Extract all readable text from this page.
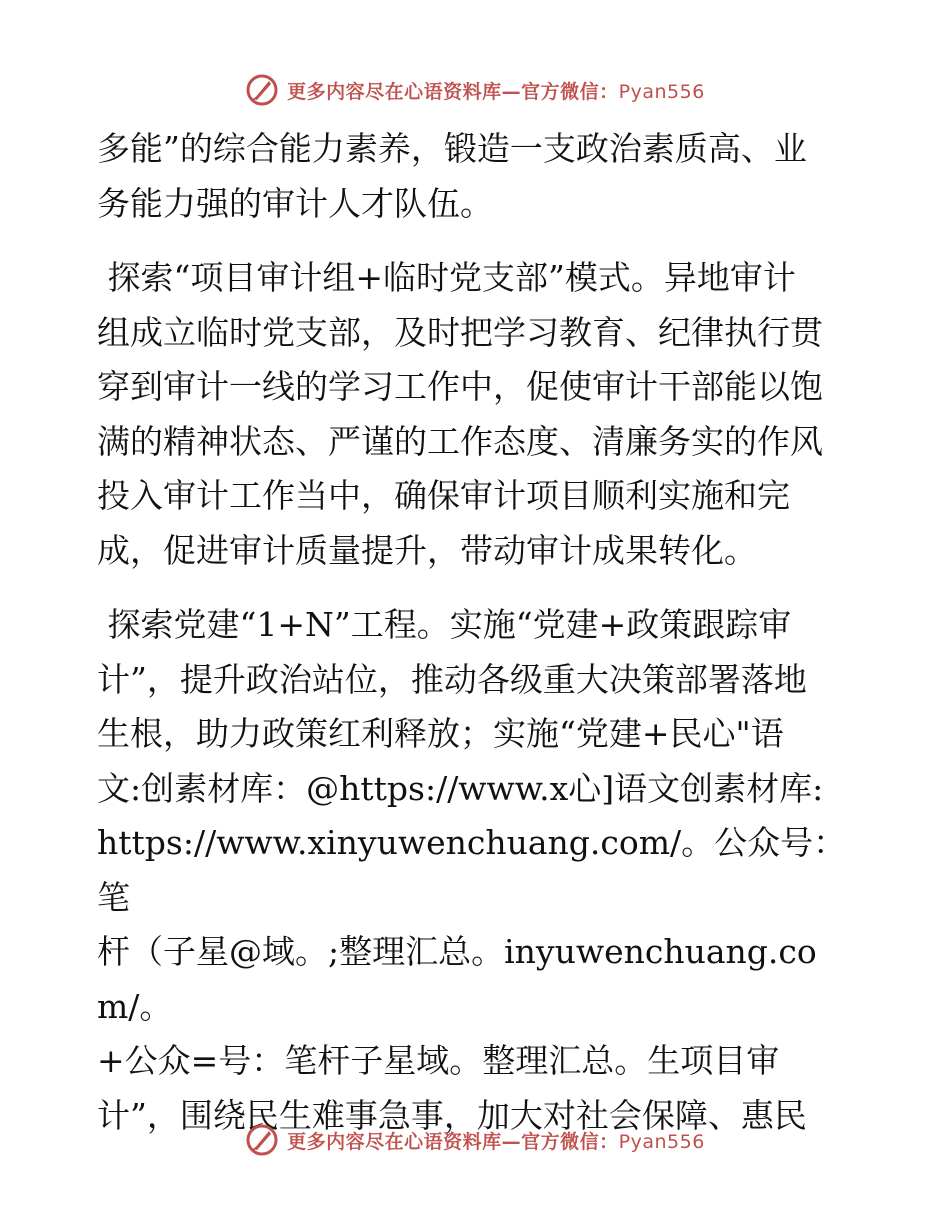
更多内容尽在心语资料库—官方微信：Pyan556

多能”的综合能力素养，锻造一支政治素质高、业
务能力强的审计人才队伍。

探索“项目审计组+临时党支部”模式。异地审计
组成立临时党支部，及时把学习教育、纪律执行贯
穿到审计一线的学习工作中，促使审计干部能以饱
满的精神状态、严谨的工作态度、清廉务实的作风
投入审计工作当中，确保审计项目顺利实施和完
成，促进审计质量提升，带动审计成果转化。

探索党建“1+N”工程。实施“党建+政策跟踪审
计”，提升政治站位，推动各级重大决策部署落地
生根，助力政策红利释放；实施“党建+民心"语
文:创素材库：@https://www.x心]语文创素材库:
https://www.xinyuwenchuang.com/。公众号：笔
杆（子星@域。;整理汇总。inyuwenchuang.com/。
+公众=号：笔杆子星域。整理汇总。生项目审
计”，围绕民生难事急事，加大对社会保障、惠民

更多内容尽在心语资料库—官方微信：Pyan556
